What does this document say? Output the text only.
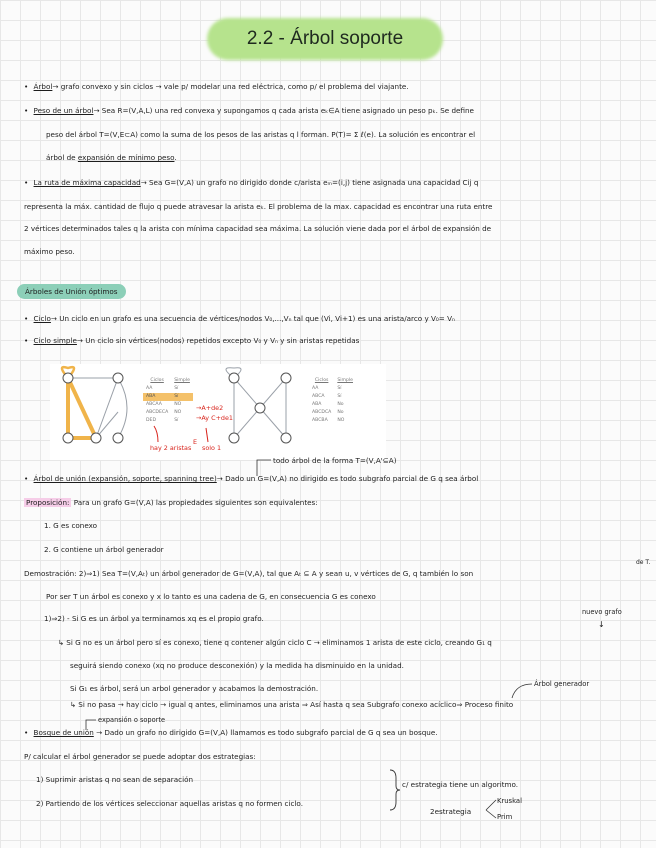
2.2 - Árbol soporte
• Árbol→ grafo convexo y sin ciclos → vale p/ modelar una red eléctrica, como p/ el problema del viajante.
• Peso de un árbol→ Sea R=(V,A,L) una red convexa y supongamos q cada arista eₖ∈A tiene asignado un peso pₖ. Se define
peso del árbol T=(V,E⊂A) como la suma de los pesos de las aristas q l forman. P(T)= Σ ℓ(e). La solución es encontrar el
árbol de expansión de mínimo peso.
• La ruta de máxima capacidad→ Sea G=(V,A) un grafo no dirigido donde c/arista eₘ=(i,j) tiene asignada una capacidad Cij q
representa la máx. cantidad de flujo q puede atravesar la arista eₖ. El problema de la max. capacidad es encontrar una ruta entre
2 vértices determinados tales q la arista con mínima capacidad sea máxima. La solución viene dada por el árbol de expansión de
máximo peso.
Árboles de Unión óptimos
• Ciclo→ Un ciclo en un grafo es una secuencia de vértices/nodos V₀,...,Vₙ tal que (Vi, Vi+1) es una arista/arco y V₀= Vₙ
• Ciclo simple→ Un ciclo sin vértices(nodos) repetidos excepto V₀ y Vₙ y sin aristas repetidas
Ciclos	Simple
AA	Sí
ABA	Sí
ABCAA	NO
ABCDECA	NO
DED	Sí
→A+de2
→Ay C+de1
hay 2 aristas
E
solo 1
Ciclos	Simple
AA	Sí
ABCA	Sí
ABA	No
ABCDCA	No
ABCBA	NO
todo árbol de la forma T=(V,A'⊆A)
• Árbol de unión (expansión, soporte, spanning tree)→ Dado un G=(V,A) no dirigido es todo subgrafo parcial de G q sea árbol
Proposición: Para un grafo G=(V,A) las propiedades siguientes son equivalentes:
1. G es conexo
2. G contiene un árbol generador
Demostración: 2)⇒1) Sea T=(V,Aₜ) un árbol generador de G=(V,A), tal que Aₜ ⊆ A y sean u, v vértices de G, q también lo son
de T.
Por ser T un árbol es conexo y x lo tanto es una cadena de G, en consecuencia G es conexo
nuevo grafo
↓
1)⇒2) - Si G es un árbol ya terminamos xq es el propio grafo.
↳ Si G no es un árbol pero sí es conexo, tiene q contener algún ciclo C → eliminamos 1 arista de este ciclo, creando G₁ q
seguirá siendo conexo (xq no produce desconexión) y la medida ha disminuido en la unidad.
Si G₁ es árbol, será un arbol generador y acabamos la demostración.	Árbol generador
↳ Si no pasa → hay ciclo → igual q antes, eliminamos una arista ⇒ Así hasta q sea Subgrafo conexo acíclico⇒ Proceso finito
expansión o soporte
• Bosque de unión → Dado un grafo no dirigido G=(V,A) llamamos es todo subgrafo parcial de G q sea un bosque.
P/ calcular el árbol generador se puede adoptar dos estrategias:
1) Suprimir aristas q no sean de separación
2) Partiendo de los vértices seleccionar aquellas aristas q no formen ciclo.
c/ estrategia tiene un algoritmo.
2estrategia
Kruskal
Prim
